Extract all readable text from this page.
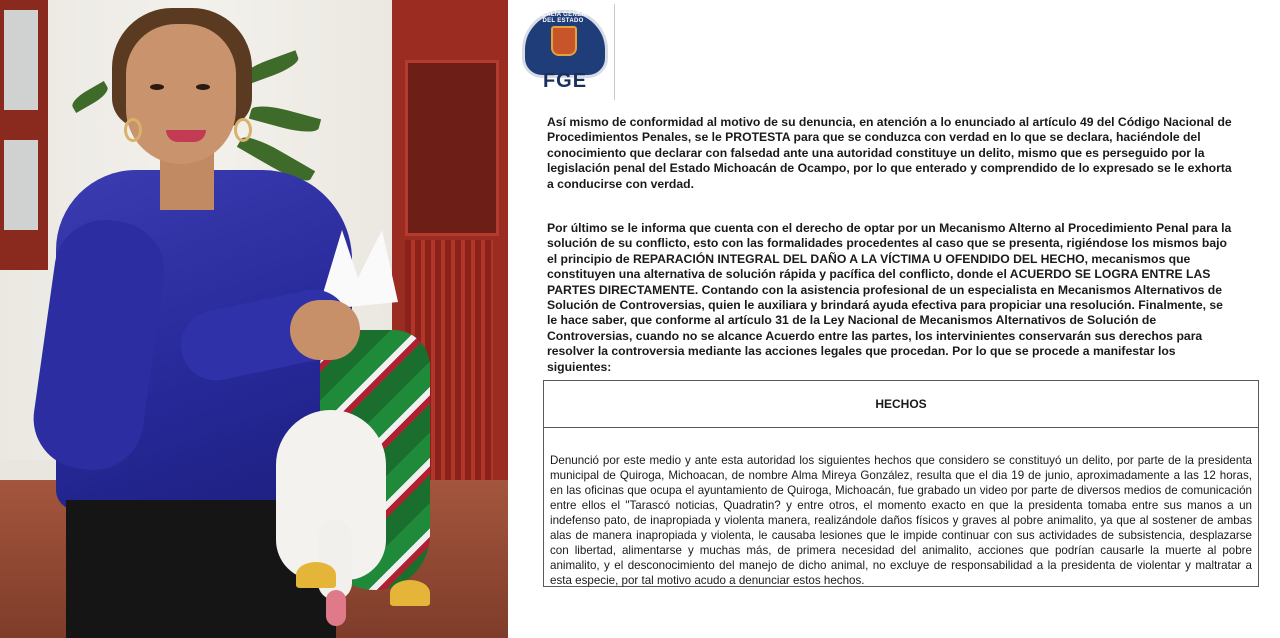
FISCALÍA GENERAL DEL ESTADO
MICHOACÁN
FGE

Así mismo de conformidad al motivo de su denuncia, en atención a lo enunciado al artículo 49 del Código Nacional de Procedimientos Penales, se le PROTESTA para que se conduzca con verdad en lo que se declara, haciéndole del conocimiento que declarar con falsedad ante una autoridad constituye un delito, mismo que es perseguido por la legislación penal del Estado Michoacán de Ocampo, por lo que enterado y comprendido de lo expresado se le exhorta a conducirse con verdad.

Por último se le informa que cuenta con el derecho de optar por un Mecanismo Alterno al Procedimiento Penal para la solución de su conflicto, esto con las formalidades procedentes al caso que se presenta, rigiéndose los mismos bajo el principio de REPARACIÓN INTEGRAL DEL DAÑO A LA VÍCTIMA U OFENDIDO DEL HECHO, mecanismos que constituyen una alternativa de solución rápida y pacífica del conflicto, donde el ACUERDO SE LOGRA ENTRE LAS PARTES DIRECTAMENTE. Contando con la asistencia profesional de un especialista en Mecanismos Alternativos de Solución de Controversias, quien le auxiliara y brindará ayuda efectiva para propiciar una resolución. Finalmente, se le hace saber, que conforme al artículo 31 de la Ley Nacional de Mecanismos Alternativos de Solución de Controversias, cuando no se alcance Acuerdo entre las partes, los intervinientes conservarán sus derechos para resolver la controversia mediante las acciones legales que procedan. Por lo que se procede a manifestar los siguientes:

HECHOS

Denunció por este medio y ante esta autoridad los siguientes hechos que considero se constituyó un delito, por parte de la presidenta municipal de Quiroga, Michoacan, de nombre Alma Mireya González, resulta que el dia 19 de junio, aproximadamente a las 12 horas, en las oficinas que ocupa el ayuntamiento de Quiroga, Michoacán, fue grabado un video por parte de diversos medios de comunicación entre ellos el "Tarascó noticias, Quadratin? y entre otros, el momento exacto en que la presidenta tomaba entre sus manos a un indefenso pato, de inapropiada y violenta manera, realizándole daños físicos y graves al pobre animalito, ya que al sostener de ambas alas de manera inapropiada y violenta, le causaba lesiones que le impide continuar con sus actividades de subsistencia, desplazarse con libertad, alimentarse y muchas más, de primera necesidad del animalito, acciones que podrían causarle la muerte al pobre animalito, y el desconocimiento del manejo de dicho animal, no excluye de responsabilidad a la presidenta de violentar y maltratar a esta especie, por tal motivo acudo a denunciar estos hechos.
